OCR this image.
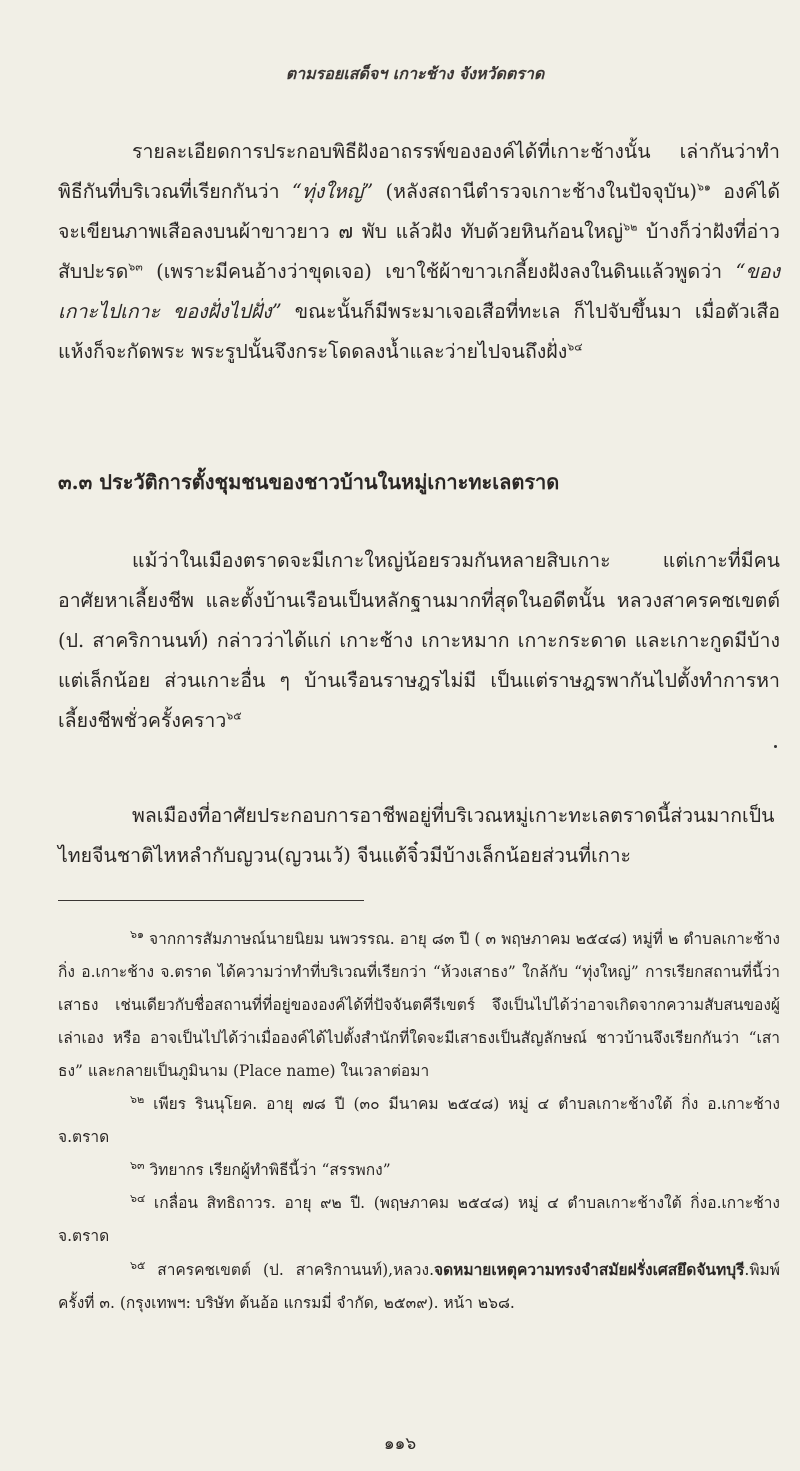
ตามรอยเสด็จฯ เกาะช้าง จังหวัดตราด

รายละเอียดการประกอบพิธีฝังอาถรรพ์ขององค์ได้ที่เกาะช้างนั้น เล่ากันว่าทำพิธีกันที่บริเวณที่เรียกกันว่า “ทุ่งใหญ่” (หลังสถานีตำรวจเกาะช้างในปัจจุบัน)$^{๖๑}$ องค์ได้จะเขียนภาพเสือลงบนผ้าขาวยาว ๗ พับ แล้วฝัง ทับด้วยหินก้อนใหญ่$^{๖๒}$ บ้างก็ว่าฝังที่อ่าวสับปะรด$^{๖๓}$ (เพราะมีคนอ้างว่าขุดเจอ) เขาใช้ผ้าขาวเกลี้ยงฝังลงในดินแล้วพูดว่า “ของเกาะไปเกาะ ของฝั่งไปฝั่ง” ขณะนั้นก็มีพระมาเจอเสือที่ทะเล ก็ไปจับขึ้นมา เมื่อตัวเสือแห้งก็จะกัดพระ พระรูปนั้นจึงกระโดดลงน้ำและว่ายไปจนถึงฝั่ง$^{๖๔}$

๓.๓ ประวัติการตั้งชุมชนของชาวบ้านในหมู่เกาะทะเลตราด

แม้ว่าในเมืองตราดจะมีเกาะใหญ่น้อยรวมกันหลายสิบเกาะ แต่เกาะที่มีคนอาศัยหาเลี้ยงชีพ และตั้งบ้านเรือนเป็นหลักฐานมากที่สุดในอดีตนั้น หลวงสาครคชเขตต์ (ป. สาคริกานนท์) กล่าวว่าได้แก่ เกาะช้าง เกาะหมาก เกาะกระดาด และเกาะกูดมีบ้างแต่เล็กน้อย ส่วนเกาะอื่น ๆ บ้านเรือนราษฎรไม่มี เป็นแต่ราษฎรพากันไปตั้งทำการหาเลี้ยงชีพชั่วครั้งคราว$^{๖๕}$

พลเมืองที่อาศัยประกอบการอาชีพอยู่ที่บริเวณหมู่เกาะทะเลตราดนี้ส่วนมากเป็นไทยจีนชาติไหหลำกับญวน(ญวนเว้) จีนแต้จิ๋วมีบ้างเล็กน้อยส่วนที่เกาะ

$^{๖๑}$ จากการสัมภาษณ์นายนิยม นพวรรณ. อายุ ๘๓ ปี ( ๓ พฤษภาคม ๒๕๔๘) หมู่ที่ ๒ ตำบลเกาะช้าง กิ่ง อ.เกาะช้าง จ.ตราด ได้ความว่าทำที่บริเวณที่เรียกว่า “ห้วงเสาธง” ใกล้กับ “ทุ่งใหญ่” การเรียกสถานที่นี้ว่าเสาธง เช่นเดียวกับชื่อสถานที่ที่อยู่ขององค์ได้ที่ปัจจันตคีรีเขตร์ จึงเป็นไปได้ว่าอาจเกิดจากความสับสนของผู้เล่าเอง หรือ อาจเป็นไปได้ว่าเมื่อองค์ได้ไปตั้งสำนักที่ใดจะมีเสาธงเป็นสัญลักษณ์ ชาวบ้านจึงเรียกกันว่า “เสาธง” และกลายเป็นภูมินาม (Place name) ในเวลาต่อมา

$^{๖๒}$ เพียร รินนุโยค. อายุ ๗๘ ปี (๓๐ มีนาคม ๒๕๔๘) หมู่ ๔ ตำบลเกาะช้างใต้ กิ่ง อ.เกาะช้าง จ.ตราด

$^{๖๓}$ วิทยากร เรียกผู้ทำพิธีนี้ว่า “สรรพกง”

$^{๖๔}$ เกลื่อน สิทธิถาวร. อายุ ๙๒ ปี. (พฤษภาคม ๒๕๔๘) หมู่ ๔ ตำบลเกาะช้างใต้ กิ่งอ.เกาะช้าง จ.ตราด

$^{๖๕}$ สาครคชเขตต์ (ป. สาคริกานนท์),หลวง.จดหมายเหตุความทรงจำสมัยฝรั่งเศสยึดจันทบุรี.พิมพ์ครั้งที่ ๓. (กรุงเทพฯ: บริษัท ต้นอ้อ แกรมมี่ จำกัด, ๒๕๓๙). หน้า ๒๖๘.

๑๑๖
